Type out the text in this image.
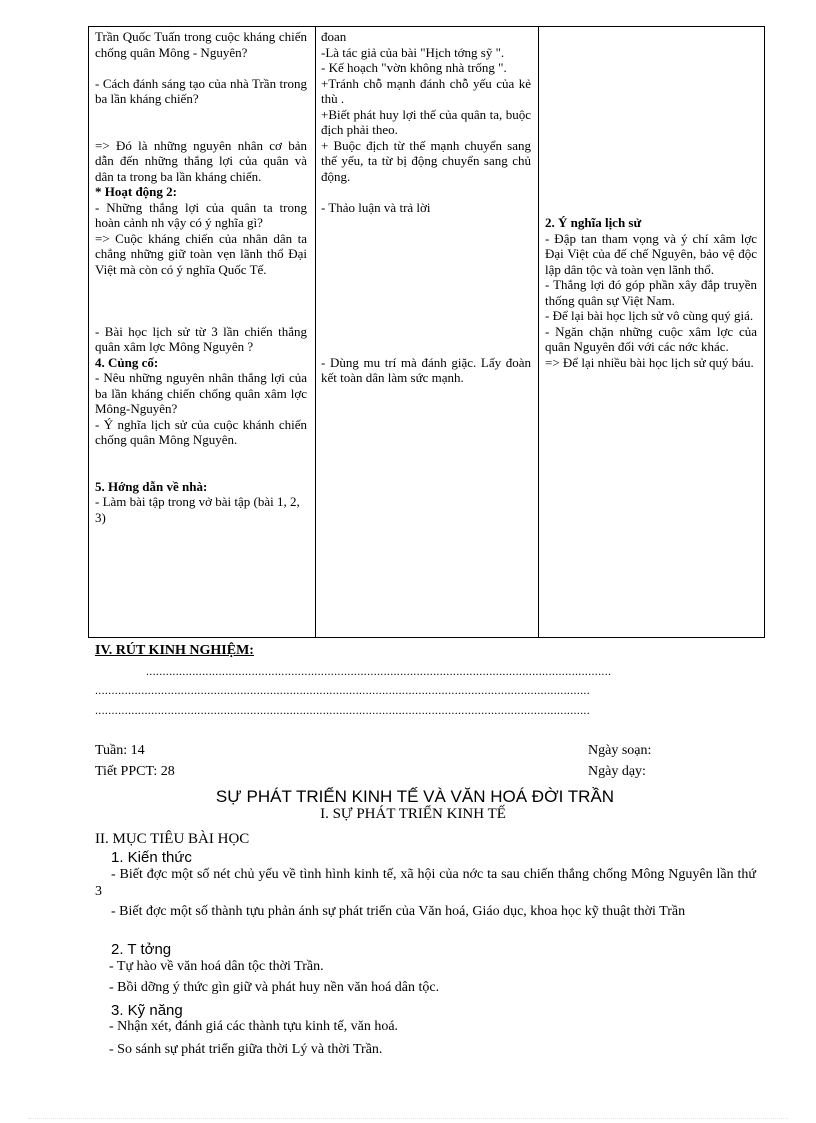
Trần Quốc Tuấn trong cuộc kháng chiến chống quân Mông - Nguyên?

- Cách đánh sáng tạo của nhà Trần trong ba lần kháng chiến?

=> Đó là những nguyên nhân cơ bản dẫn đến những thắng lợi của quân và dân ta trong ba lần kháng chiến.

* Hoạt động 2:

- Những thắng lợi của quân ta trong hoàn cảnh nh vậy có ý nghĩa gì?

=> Cuộc kháng chiến của nhân dân ta chẳng những giữ toàn vẹn lãnh thổ Đại Việt mà còn có ý nghĩa Quốc Tế.

- Bài học lịch sử từ 3 lần chiến thắng quân xâm lợc Mông Nguyên ?

4. Củng cố:

- Nêu những nguyên nhân thắng lợi của ba lần kháng chiến chống quân xâm lợc Mông-Nguyên?

- Ý nghĩa lịch sử của cuộc khánh chiến chống quân Mông Nguyên.

5. Hớng dẫn về nhà:

- Làm bài tập trong vở bài tập (bài 1, 2, 3)

đoan

-Là tác giả của bài "Hịch tớng sỹ ".

- Kế hoạch "vờn không nhà trống ".

+Tránh chỗ mạnh đánh chỗ yếu của kẻ thù .

+Biết phát huy lợi thế của quân ta, buộc địch phải theo.

+ Buộc địch từ thế mạnh chuyển sang thế yếu, ta từ bị động chuyển sang chủ động.

- Thảo luận và trả lời

- Dùng mu trí mà đánh giặc. Lấy đoàn kết toàn dân làm sức mạnh.

2. Ý nghĩa lịch sử

- Đập tan tham vọng và ý chí xâm lợc Đại Việt của đế chế Nguyên, bảo vệ độc lập dân tộc và toàn vẹn lãnh thổ.

- Thắng lợi đó góp phần xây đắp truyền thống quân sự Việt Nam.

- Để lại bài học lịch sử vô cùng quý giá.

- Ngăn chặn những cuộc xâm lợc của quân Nguyên đối với các nớc khác.

=> Để lại nhiều bài học lịch sử quý báu.

IV. RÚT KINH NGHIỆM:
.............................................................................................................................................
......................................................................................................................................................
......................................................................................................................................................
Tuần: 14
Tiết PPCT: 28
Ngày soạn:
Ngày dạy:
SỰ PHÁT TRIỂN KINH TẾ VÀ VĂN HOÁ ĐỜI TRẦN
I. SỰ PHÁT TRIỂN KINH TẾ
II. MỤC TIÊU BÀI HỌC
1. Kiến thức
- Biết đợc một số nét chủ yếu về tình hình kinh tế, xã hội của nớc ta sau chiến thắng chống Mông Nguyên lần thứ 3
- Biết đợc một số thành tựu phản ánh sự phát triển của Văn hoá, Giáo dục, khoa học kỹ thuật thời Trần
2. T tởng
- Tự hào về văn hoá dân tộc thời Trần.
- Bồi dỡng ý thức gìn giữ và phát huy nền văn hoá dân tộc.
3. Kỹ năng
- Nhận xét, đánh giá các thành tựu kinh tế, văn hoá.
- So sánh sự phát triển giữa thời Lý và thời Trần.
